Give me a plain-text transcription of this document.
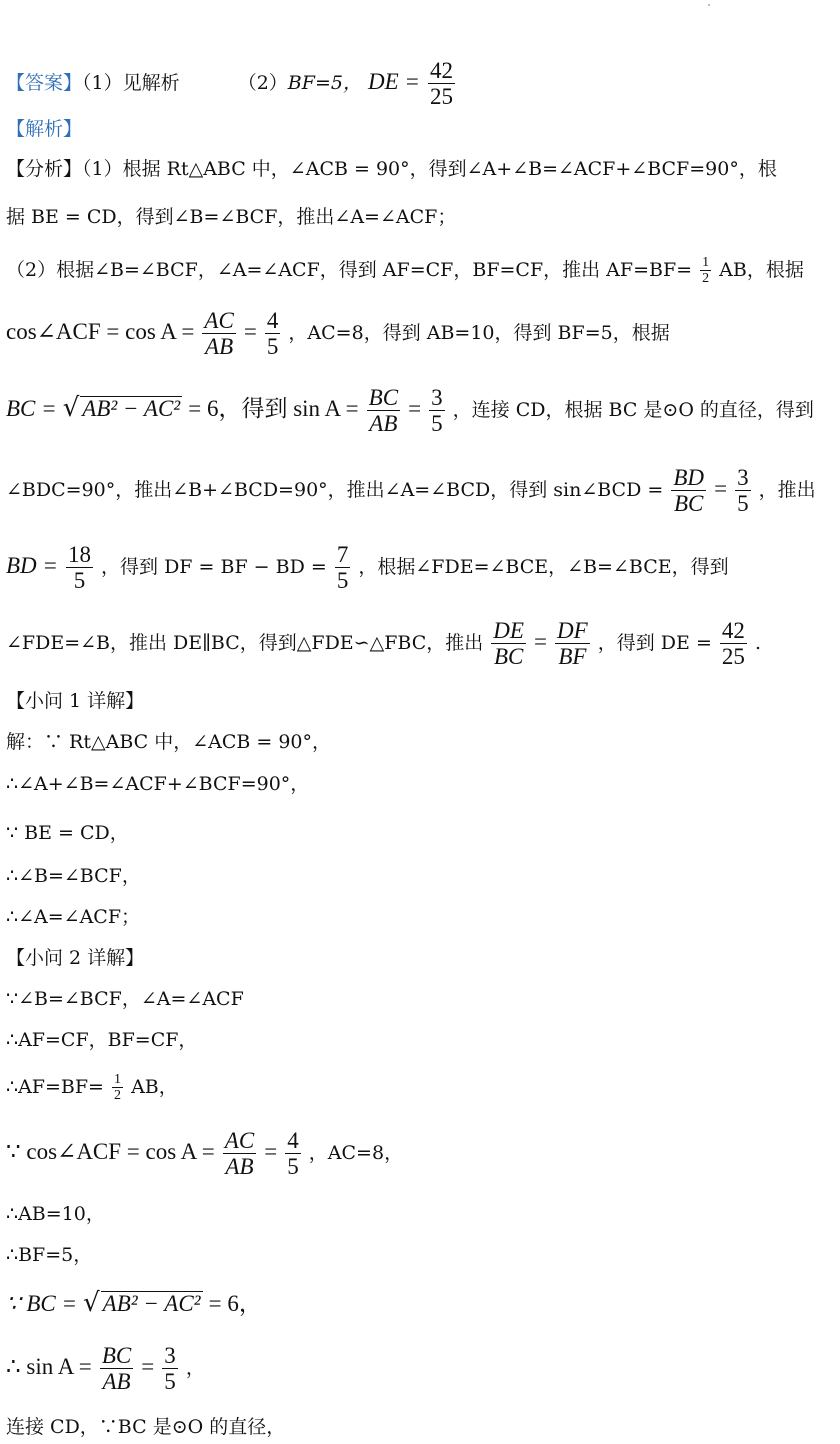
【答案】（1）见解析	（2）BF=5， DE = $\frac{42}{25}$
【解析】
【分析】（1）根据 Rt△ABC 中，∠ACB = 90°，得到∠A+∠B=∠ACF+∠BCF=90°，根
据 BE = CD，得到∠B=∠BCF，推出∠A=∠ACF；
（2）根据∠B=∠BCF，∠A=∠ACF，得到 AF=CF，BF=CF，推出 $AF=BF= \frac{1}{2}$ AB，根据
cos∠ACF = $\cos A = \frac{AC}{AB} = \frac{4}{5}$ ，AC=8，得到 AB=10，得到 BF=5，根据
BC = √ AB² − AC² = 6，得到 $\sin A = \frac{BC}{AB} = \frac{3}{5}$ ，连接 CD，根据 BC 是⊙O 的直径，得到
∠BDC=90°，推出∠B+∠BCD=90°，推出∠A=∠BCD，得到 sin∠BCD = $\frac{BD}{BC} = \frac{3}{5}$ ，推出
BD = $\frac{18}{5}$ ，得到 DF = BF − BD = $\frac{7}{5}$ ，根据∠FDE=∠BCE，∠B=∠BCE，得到
∠FDE=∠B，推出 DE∥BC，得到△FDE∽△FBC，推出 $\frac{DE}{BC} = \frac{DF}{BF}$ ，得到 DE = $\frac{42}{25}$ .
【小问 1 详解】
解：∵ Rt△ABC 中，∠ACB = 90°，
∴∠A+∠B=∠ACF+∠BCF=90°，
∵ BE = CD，
∴∠B=∠BCF，
∴∠A=∠ACF；
【小问 2 详解】
∵∠B=∠BCF，∠A=∠ACF
∴AF=CF，BF=CF，
∴AF=BF= $\frac{1}{2}$ AB，
∵ cos∠ACF = $\cos A = \frac{AC}{AB} = \frac{4}{5}$ ，AC=8，
∴AB=10，
∴BF=5，
∵ BC = √ AB² − AC² = 6，
∴ $\sin A = \frac{BC}{AB} = \frac{3}{5}$ ，
连接 CD，∵BC 是⊙O 的直径，
